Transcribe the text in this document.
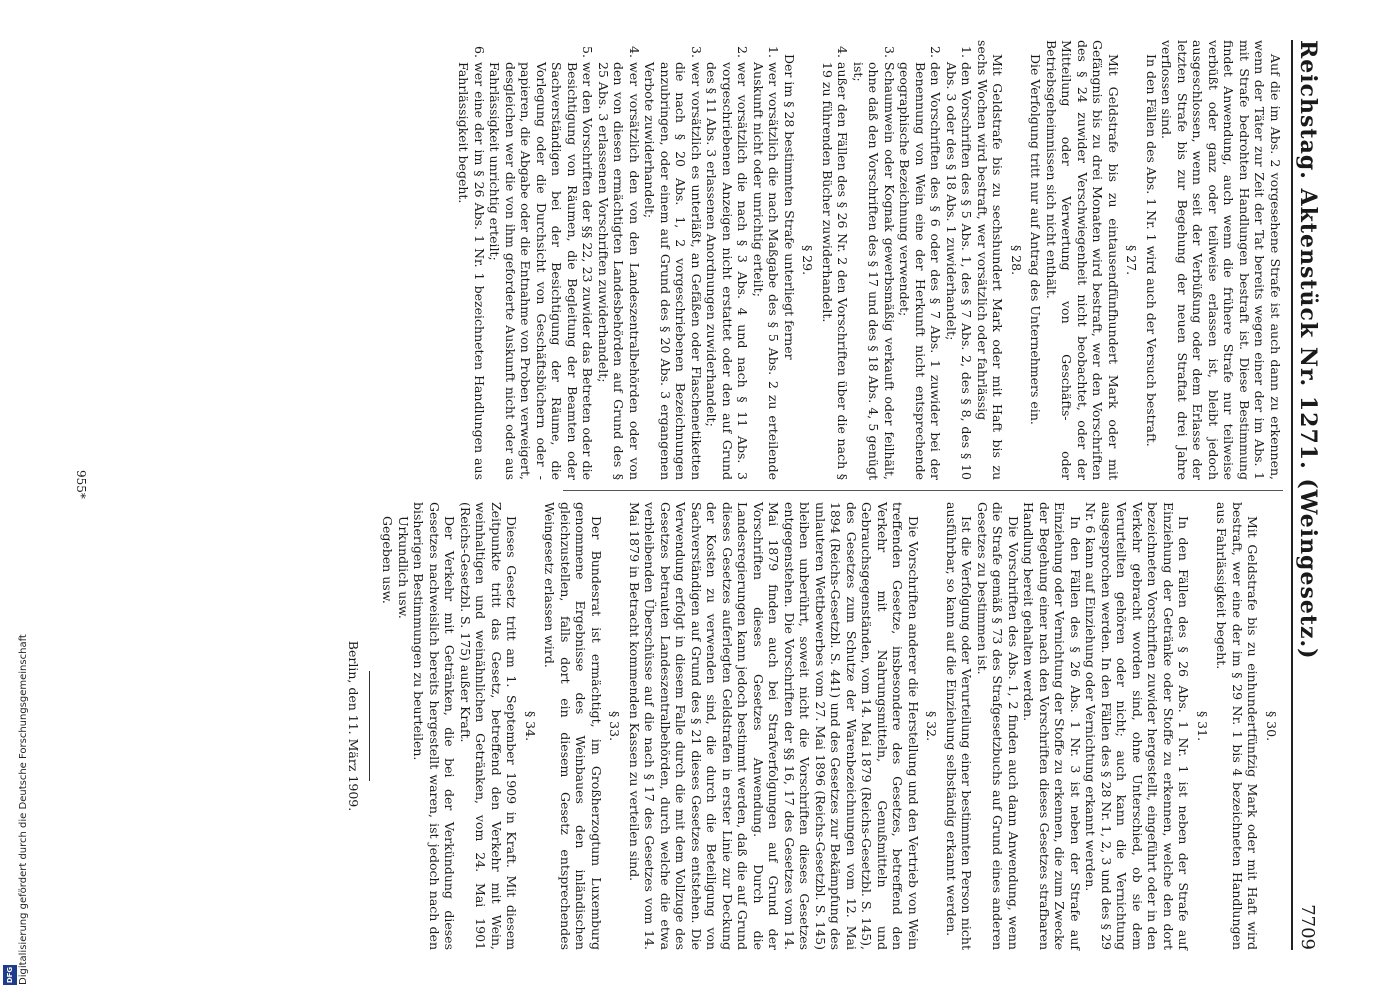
Reichstag. Aktenstück Nr. 1271. (Weingesetz.)
7709

Auf die im Abs. 2 vorgesehene Strafe ist auch dann zu erkennen, wenn der Täter zur Zeit der Tat bereits wegen einer der im Abs. 1 mit Strafe bedrohten Handlungen bestraft ist. Diese Bestimmung findet Anwendung, auch wenn die frühere Strafe nur teilweise verbüßt oder ganz oder teilweise erlassen ist, bleibt jedoch ausgeschlossen, wenn seit der Verbüßung oder dem Erlasse der letzten Strafe bis zur Begehung der neuen Straftat drei Jahre verflossen sind.

In den Fällen des Abs. 1 Nr. 1 wird auch der Versuch bestraft.

§ 27.

Mit Geldstrafe bis zu eintausendfünfhundert Mark oder mit Gefängnis bis zu drei Monaten wird bestraft, wer den Vorschriften des § 24 zuwider Verschwiegenheit nicht beobachtet, oder der Mitteilung oder Verwertung von Geschäfts- oder Betriebsgeheimnissen sich nicht enthält.

Die Verfolgung tritt nur auf Antrag des Unternehmers ein.

§ 28.

Mit Geldstrafe bis zu sechshundert Mark oder mit Haft bis zu sechs Wochen wird bestraft, wer vorsätzlich oder fahrlässig

1.den Vorschriften des § 5 Abs. 1, des § 7 Abs. 2, des § 8, des § 10 Abs. 3 oder des § 18 Abs. 1 zuwiderhandelt;
2.den Vorschriften des § 6 oder des § 7 Abs. 1 zuwider bei der Benennung von Wein eine der Herkunft nicht entsprechende geographische Bezeichnung verwendet;
3.Schaumwein oder Kognak gewerbsmäßig verkauft oder feilhält, ohne daß den Vorschriften des § 17 und des § 18 Abs. 4, 5 genügt ist;
4.außer den Fällen des § 26 Nr. 2 den Vorschriften über die nach § 19 zu führenden Bücher zuwiderhandelt.
§ 29.

Der im § 28 bestimmten Strafe unterliegt ferner

1.wer vorsätzlich die nach Maßgabe des § 5 Abs. 2 zu erteilende Auskunft nicht oder unrichtig erteilt;
2.wer vorsätzlich die nach § 3 Abs. 4 und nach § 11 Abs. 3 vorgeschriebenen Anzeigen nicht erstattet oder den auf Grund des § 11 Abs. 3 erlassenen Anordnungen zuwiderhandelt;
3.wer vorsätzlich es unterläßt, an Gefäßen oder Flaschenetiketten die nach § 20 Abs. 1, 2 vorgeschriebenen Bezeichnungen anzubringen, oder einem auf Grund des § 20 Abs. 3 ergangenen Verbote zuwiderhandelt;
4.wer vorsätzlich den von den Landeszentralbehörden oder von den von diesen ermächtigten Landesbehörden auf Grund des § 25 Abs. 3 erlassenen Vorschriften zuwiderhandelt;
5.wer den Vorschriften der §§ 22, 23 zuwider das Betreten oder die Besichtigung von Räumen, die Begleitung der Beamten oder Sachverständigen bei der Besichtigung der Räume, die Vorlegung oder die Durchsicht von Geschäftsbüchern oder -papieren, die Abgabe oder die Entnahme von Proben verweigert, desgleichen wer die von ihm geforderte Auskunft nicht oder aus Fahrlässigkeit unrichtig erteilt;
6.wer eine der im § 26 Abs. 1 Nr. 1 bezeichneten Handlungen aus Fahrlässigkeit begeht.
§ 30.

Mit Geldstrafe bis zu einhundertfünfzig Mark oder mit Haft wird bestraft, wer eine der im § 29 Nr. 1 bis 4 bezeichneten Handlungen aus Fahrlässigkeit begeht.

§ 31.

In den Fällen des § 26 Abs. 1 Nr. 1 ist neben der Strafe auf Einziehung der Getränke oder Stoffe zu erkennen, welche den dort bezeichneten Vorschriften zuwider hergestellt, eingeführt oder in den Verkehr gebracht worden sind, ohne Unterschied, ob sie dem Verurteilten gehören oder nicht; auch kann die Vernichtung ausgesprochen werden. In den Fällen des § 28 Nr. 1, 2, 3 und des § 29 Nr. 6 kann auf Einziehung oder Vernichtung erkannt werden.

In den Fällen des § 26 Abs. 1 Nr. 3 ist neben der Strafe auf Einziehung oder Vernichtung der Stoffe zu erkennen, die zum Zwecke der Begehung einer nach den Vorschriften dieses Gesetzes strafbaren Handlung bereit gehalten werden.

Die Vorschriften des Abs. 1, 2 finden auch dann Anwendung, wenn die Strafe gemäß § 73 des Strafgesetzbuchs auf Grund eines anderen Gesetzes zu bestimmen ist.

Ist die Verfolgung oder Verurteilung einer bestimmten Person nicht ausführbar, so kann auf die Einziehung selbständig erkannt werden.

§ 32.

Die Vorschriften anderer die Herstellung und den Vertrieb von Wein treffenden Gesetze, insbesondere des Gesetzes, betreffend den Verkehr mit Nahrungsmitteln, Genußmitteln und Gebrauchsgegenständen, vom 14. Mai 1879 (Reichs-Gesetzbl. S. 145), des Gesetzes zum Schutze der Warenbezeichnungen vom 12. Mai 1894 (Reichs-Gesetzbl. S. 441) und des Gesetzes zur Bekämpfung des unlauteren Wettbewerbes vom 27. Mai 1896 (Reichs-Gesetzbl. S. 145) bleiben unberührt, soweit nicht die Vorschriften dieses Gesetzes entgegenstehen. Die Vorschriften der §§ 16, 17 des Gesetzes vom 14. Mai 1879 finden auch bei Strafverfolgungen auf Grund der Vorschriften dieses Gesetzes Anwendung. Durch die Landesregierungen kann jedoch bestimmt werden, daß die auf Grund dieses Gesetzes auferlegten Geldstrafen in erster Linie zur Deckung der Kosten zu verwenden sind, die durch die Beteiligung von Sachverständigen auf Grund des § 21 dieses Gesetzes entstehen. Die Verwendung erfolgt in diesem Falle durch die mit dem Vollzuge des Gesetzes betrauten Landeszentralbehörden, durch welche die etwa verbleibenden Überschüsse auf die nach § 17 des Gesetzes vom 14. Mai 1879 in Betracht kommenden Kassen zu verteilen sind.

§ 33.

Der Bundesrat ist ermächtigt, im Großherzogtum Luxemburg genommene Ergebnisse des Weinbaues den inländischen gleichzustellen, falls dort ein diesem Gesetz entsprechendes Weingesetz erlassen wird.

§ 34.

Dieses Gesetz tritt am 1. September 1909 in Kraft. Mit diesem Zeitpunkte tritt das Gesetz, betreffend den Verkehr mit Wein, weinhaltigen und weinähnlichen Getränken, vom 24. Mai 1901 (Reichs-Gesetzbl. S. 175) außer Kraft.

Der Verkehr mit Getränken, die bei der Verkündung dieses Gesetzes nachweislich bereits hergestellt waren, ist jedoch nach den bisherigen Bestimmungen zu beurteilen.

Urkundlich usw.

Gegeben usw.

Berlin, den 11. März 1909.
955*
Digitalisierung gefördert durch die Deutsche Forschungsgemeinschaft
DFG
